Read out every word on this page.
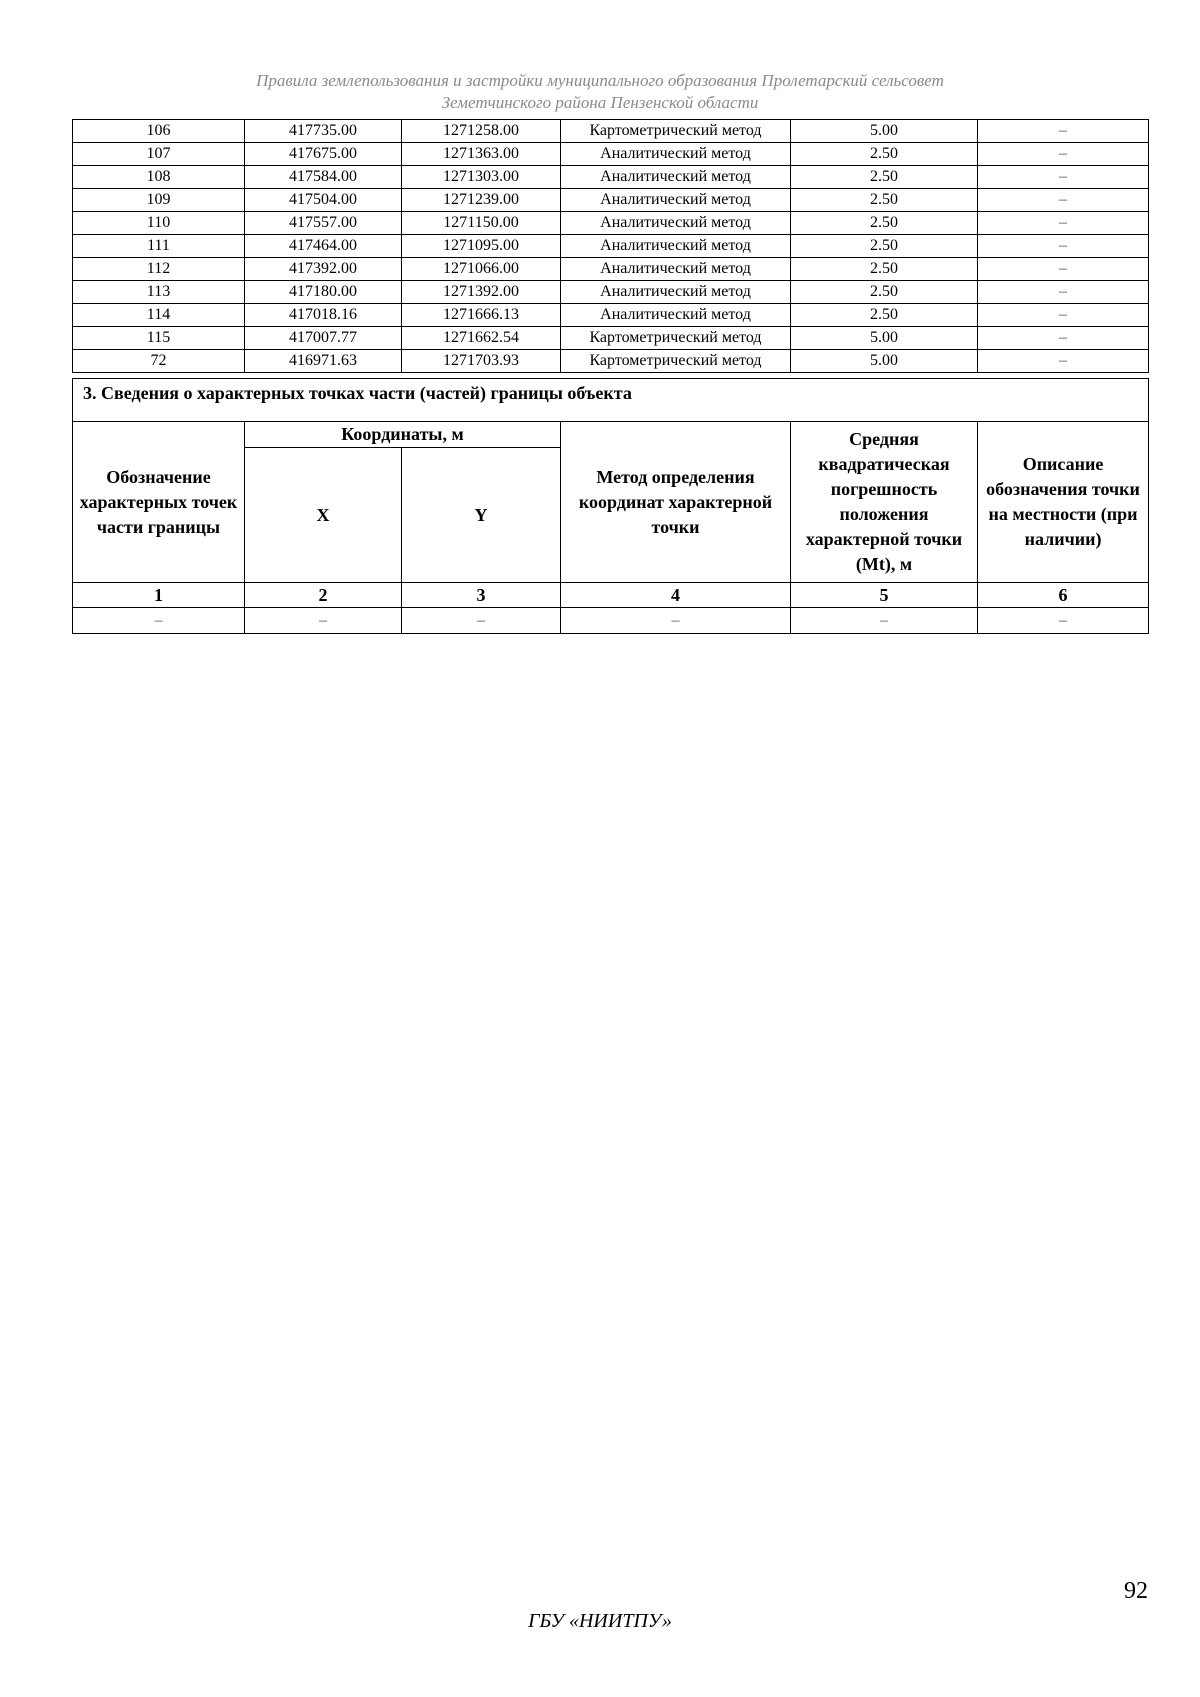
Правила землепользования и застройки муниципального образования Пролетарский сельсовет
Земетчинского района Пензенской области
106	417735.00	1271258.00	Картометрический метод	5.00	–
107	417675.00	1271363.00	Аналитический метод	2.50	–
108	417584.00	1271303.00	Аналитический метод	2.50	–
109	417504.00	1271239.00	Аналитический метод	2.50	–
110	417557.00	1271150.00	Аналитический метод	2.50	–
111	417464.00	1271095.00	Аналитический метод	2.50	–
112	417392.00	1271066.00	Аналитический метод	2.50	–
113	417180.00	1271392.00	Аналитический метод	2.50	–
114	417018.16	1271666.13	Аналитический метод	2.50	–
115	417007.77	1271662.54	Картометрический метод	5.00	–
72	416971.63	1271703.93	Картометрический метод	5.00	–
3. Сведения о характерных точках части (частей) границы объекта					
Обозначение характерных точек части границы	Координаты, м		Метод определения координат характерной точки	Средняя квадратическая погрешность положения характерной точки (Mt), м	Описание обозначения точки на местности (при наличии)
	X	Y			
1	2	3	4	5	6
–	–	–	–	–	–
92
ГБУ «НИИТПУ»
